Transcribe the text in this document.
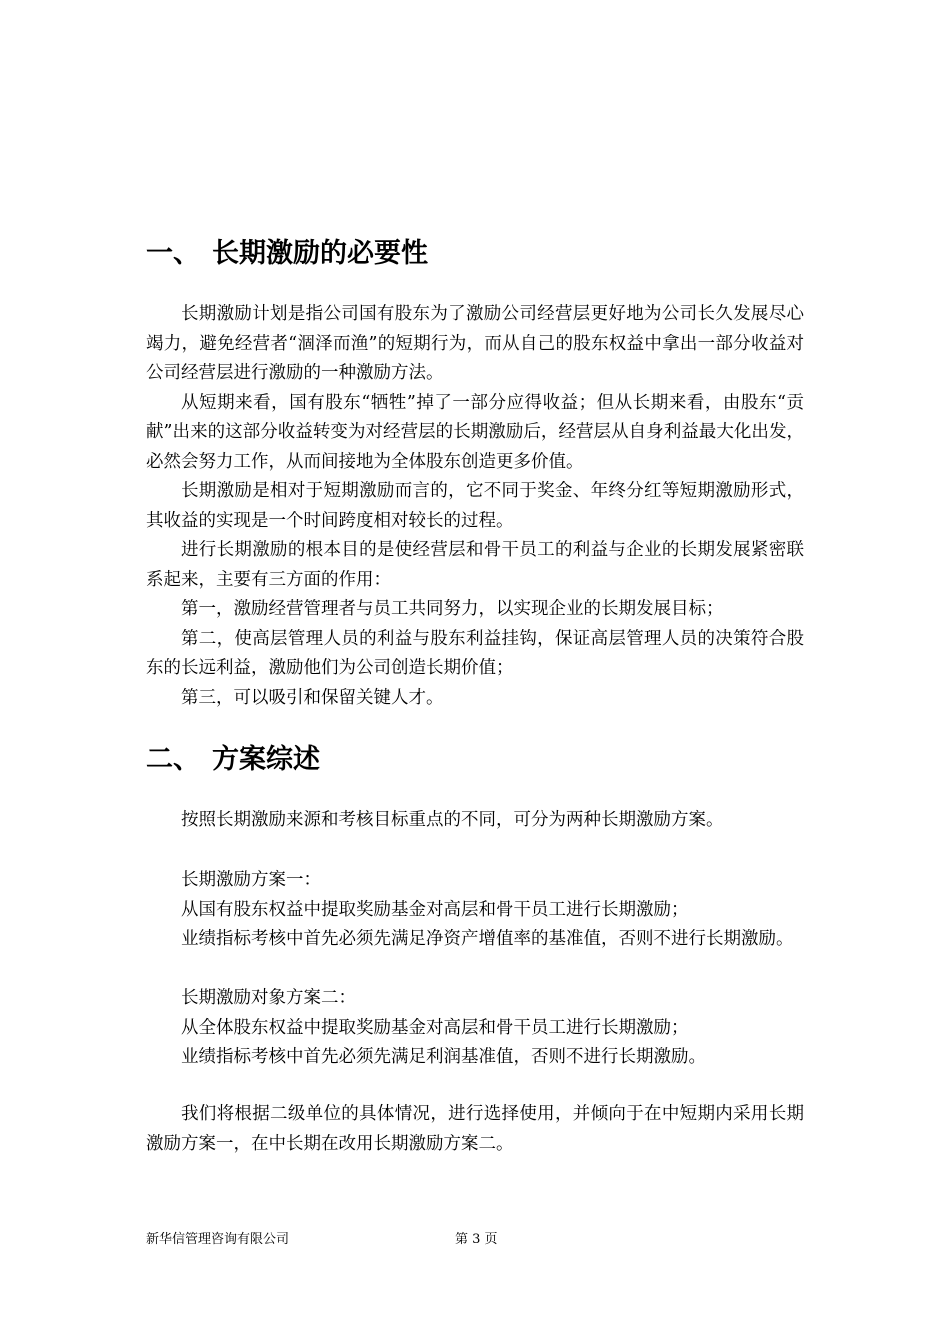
一、 长期激励的必要性

长期激励计划是指公司国有股东为了激励公司经营层更好地为公司长久发展尽心竭力，避免经营者“涸泽而渔”的短期行为，而从自己的股东权益中拿出一部分收益对公司经营层进行激励的一种激励方法。

从短期来看，国有股东“牺牲”掉了一部分应得收益；但从长期来看，由股东“贡献”出来的这部分收益转变为对经营层的长期激励后，经营层从自身利益最大化出发，必然会努力工作，从而间接地为全体股东创造更多价值。

长期激励是相对于短期激励而言的，它不同于奖金、年终分红等短期激励形式，其收益的实现是一个时间跨度相对较长的过程。

进行长期激励的根本目的是使经营层和骨干员工的利益与企业的长期发展紧密联系起来，主要有三方面的作用：

第一，激励经营管理者与员工共同努力，以实现企业的长期发展目标；

第二，使高层管理人员的利益与股东利益挂钩，保证高层管理人员的决策符合股东的长远利益，激励他们为公司创造长期价值；

第三，可以吸引和保留关键人才。

二、 方案综述

按照长期激励来源和考核目标重点的不同，可分为两种长期激励方案。

长期激励方案一：

从国有股东权益中提取奖励基金对高层和骨干员工进行长期激励；

业绩指标考核中首先必须先满足净资产增值率的基准值，否则不进行长期激励。

长期激励对象方案二：

从全体股东权益中提取奖励基金对高层和骨干员工进行长期激励；

业绩指标考核中首先必须先满足利润基准值，否则不进行长期激励。

我们将根据二级单位的具体情况，进行选择使用，并倾向于在中短期内采用长期激励方案一，在中长期在改用长期激励方案二。

新华信管理咨询有限公司	第 3 页
